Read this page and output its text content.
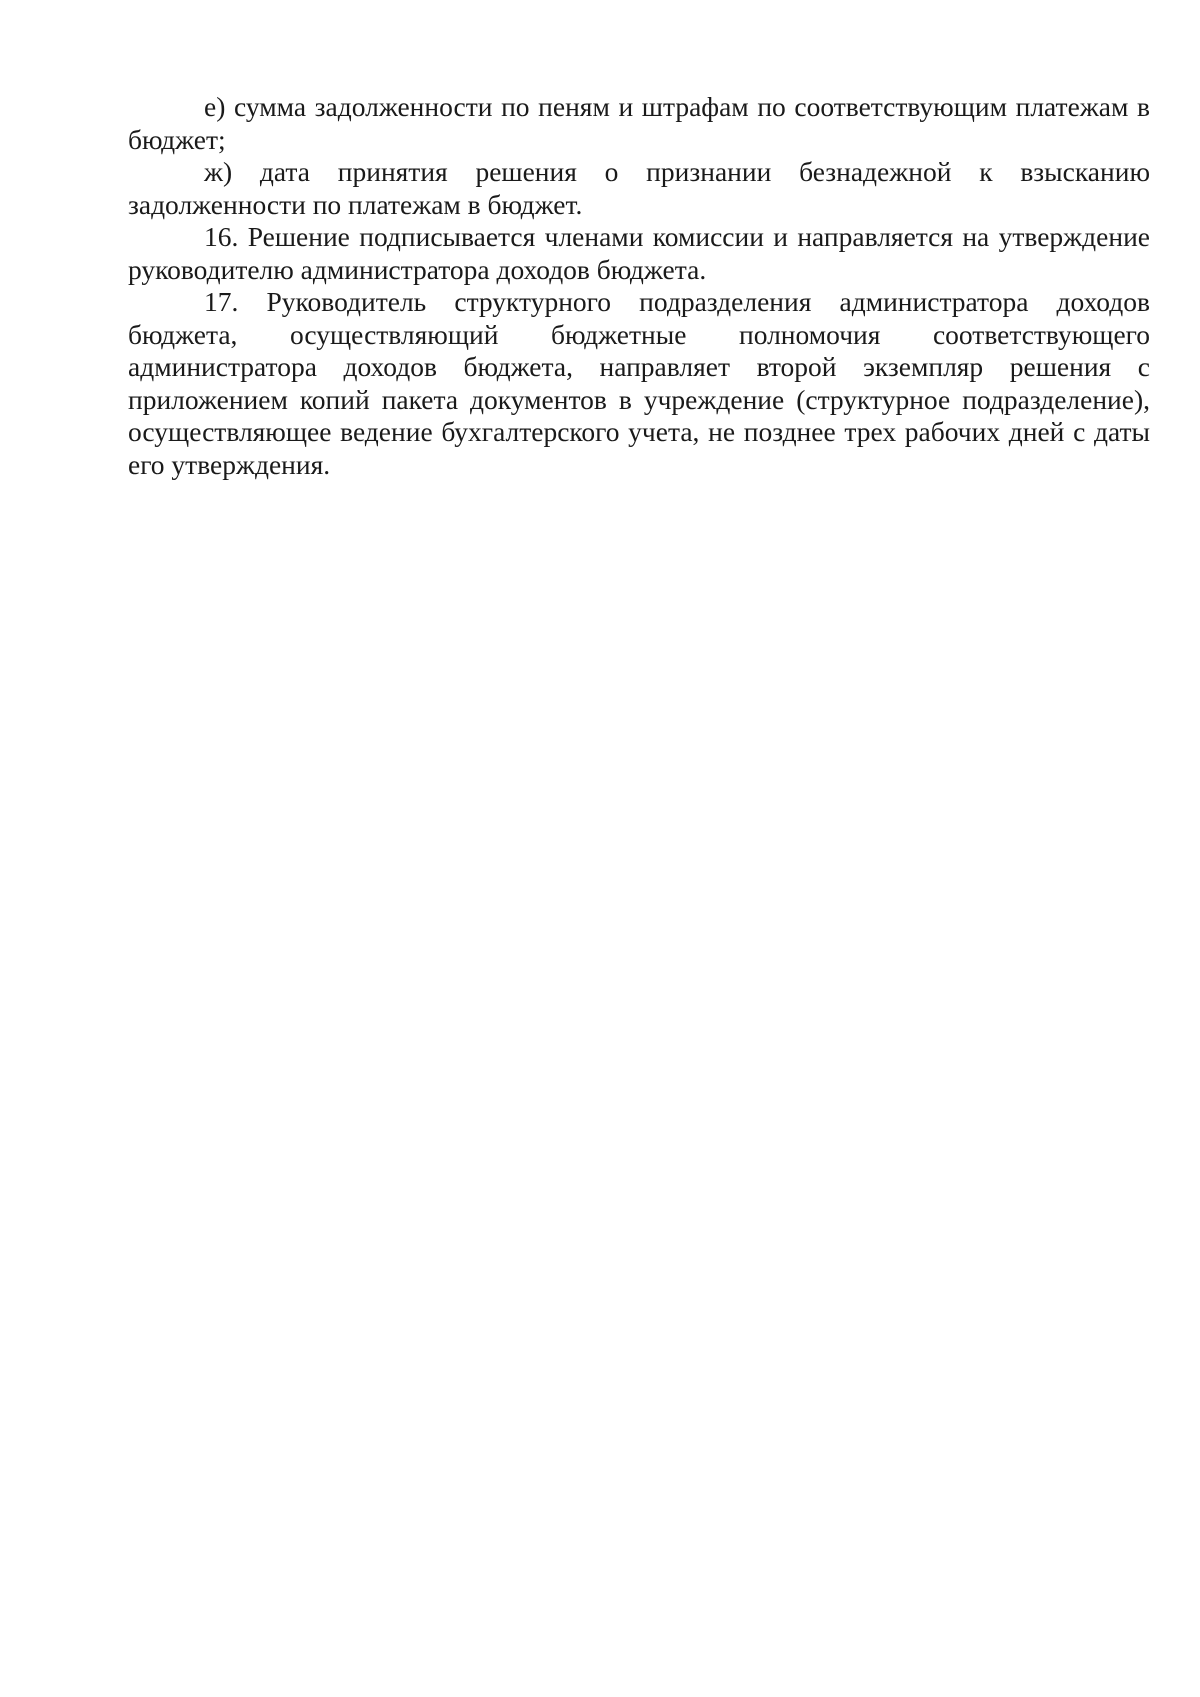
е) сумма задолженности по пеням и штрафам по соответствующим платежам в бюджет;

ж) дата принятия решения о признании безнадежной к взысканию задолженности по платежам в бюджет.

16. Решение подписывается членами комиссии и направляется на утверждение руководителю администратора доходов бюджета.

17. Руководитель структурного подразделения администратора доходов бюджета, осуществляющий бюджетные полномочия соответствующего администратора доходов бюджета, направляет второй экземпляр решения с приложением копий пакета документов в учреждение (структурное подразделение), осуществляющее ведение бухгалтерского учета, не позднее трех рабочих дней с даты его утверждения.
